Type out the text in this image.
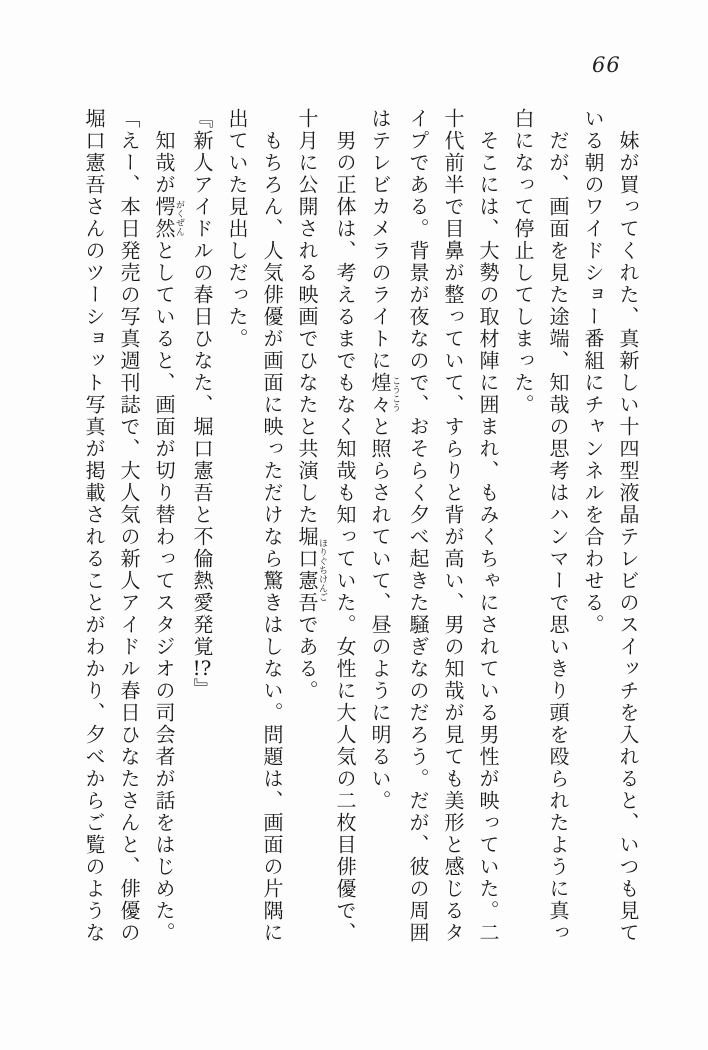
66

　妹が買ってくれた、真新しい十四型液晶テレビのスイッチを入れると、いつも見て

いる朝のワイドショー番組にチャンネルを合わせる。

　だが、画面を見た途端、知哉の思考はハンマーで思いきり頭を殴られたように真っ

白になって停止してしまった。

　そこには、大勢の取材陣に囲まれ、もみくちゃにされている男性が映っていた。二

十代前半で目鼻が整っていて、すらりと背が高い、男の知哉が見ても美形と感じるタ

イプである。背景が夜なので、おそらく夕べ起きた騒ぎなのだろう。だが、彼の周囲

はテレビカメラのライトに煌々こうこうと照らされていて、昼のように明るい。

　男の正体は、考えるまでもなく知哉も知っていた。女性に大人気の二枚目俳優で、

十月に公開される映画でひなたと共演した堀口憲吾ほりぐちけんごである。

　もちろん、人気俳優が画面に映っただけなら驚きはしない。問題は、画面の片隅に

出ていた見出しだった。

『新人アイドルの春日ひなた、堀口憲吾と不倫熱愛発覚!?』

　知哉が愕然がくぜんとしていると、画面が切り替わってスタジオの司会者が話をはじめた。

「えー、本日発売の写真週刊誌で、大人気の新人アイドル春日ひなたさんと、俳優の

堀口憲吾さんのツーショット写真が掲載されることがわかり、夕べからご覧のような
